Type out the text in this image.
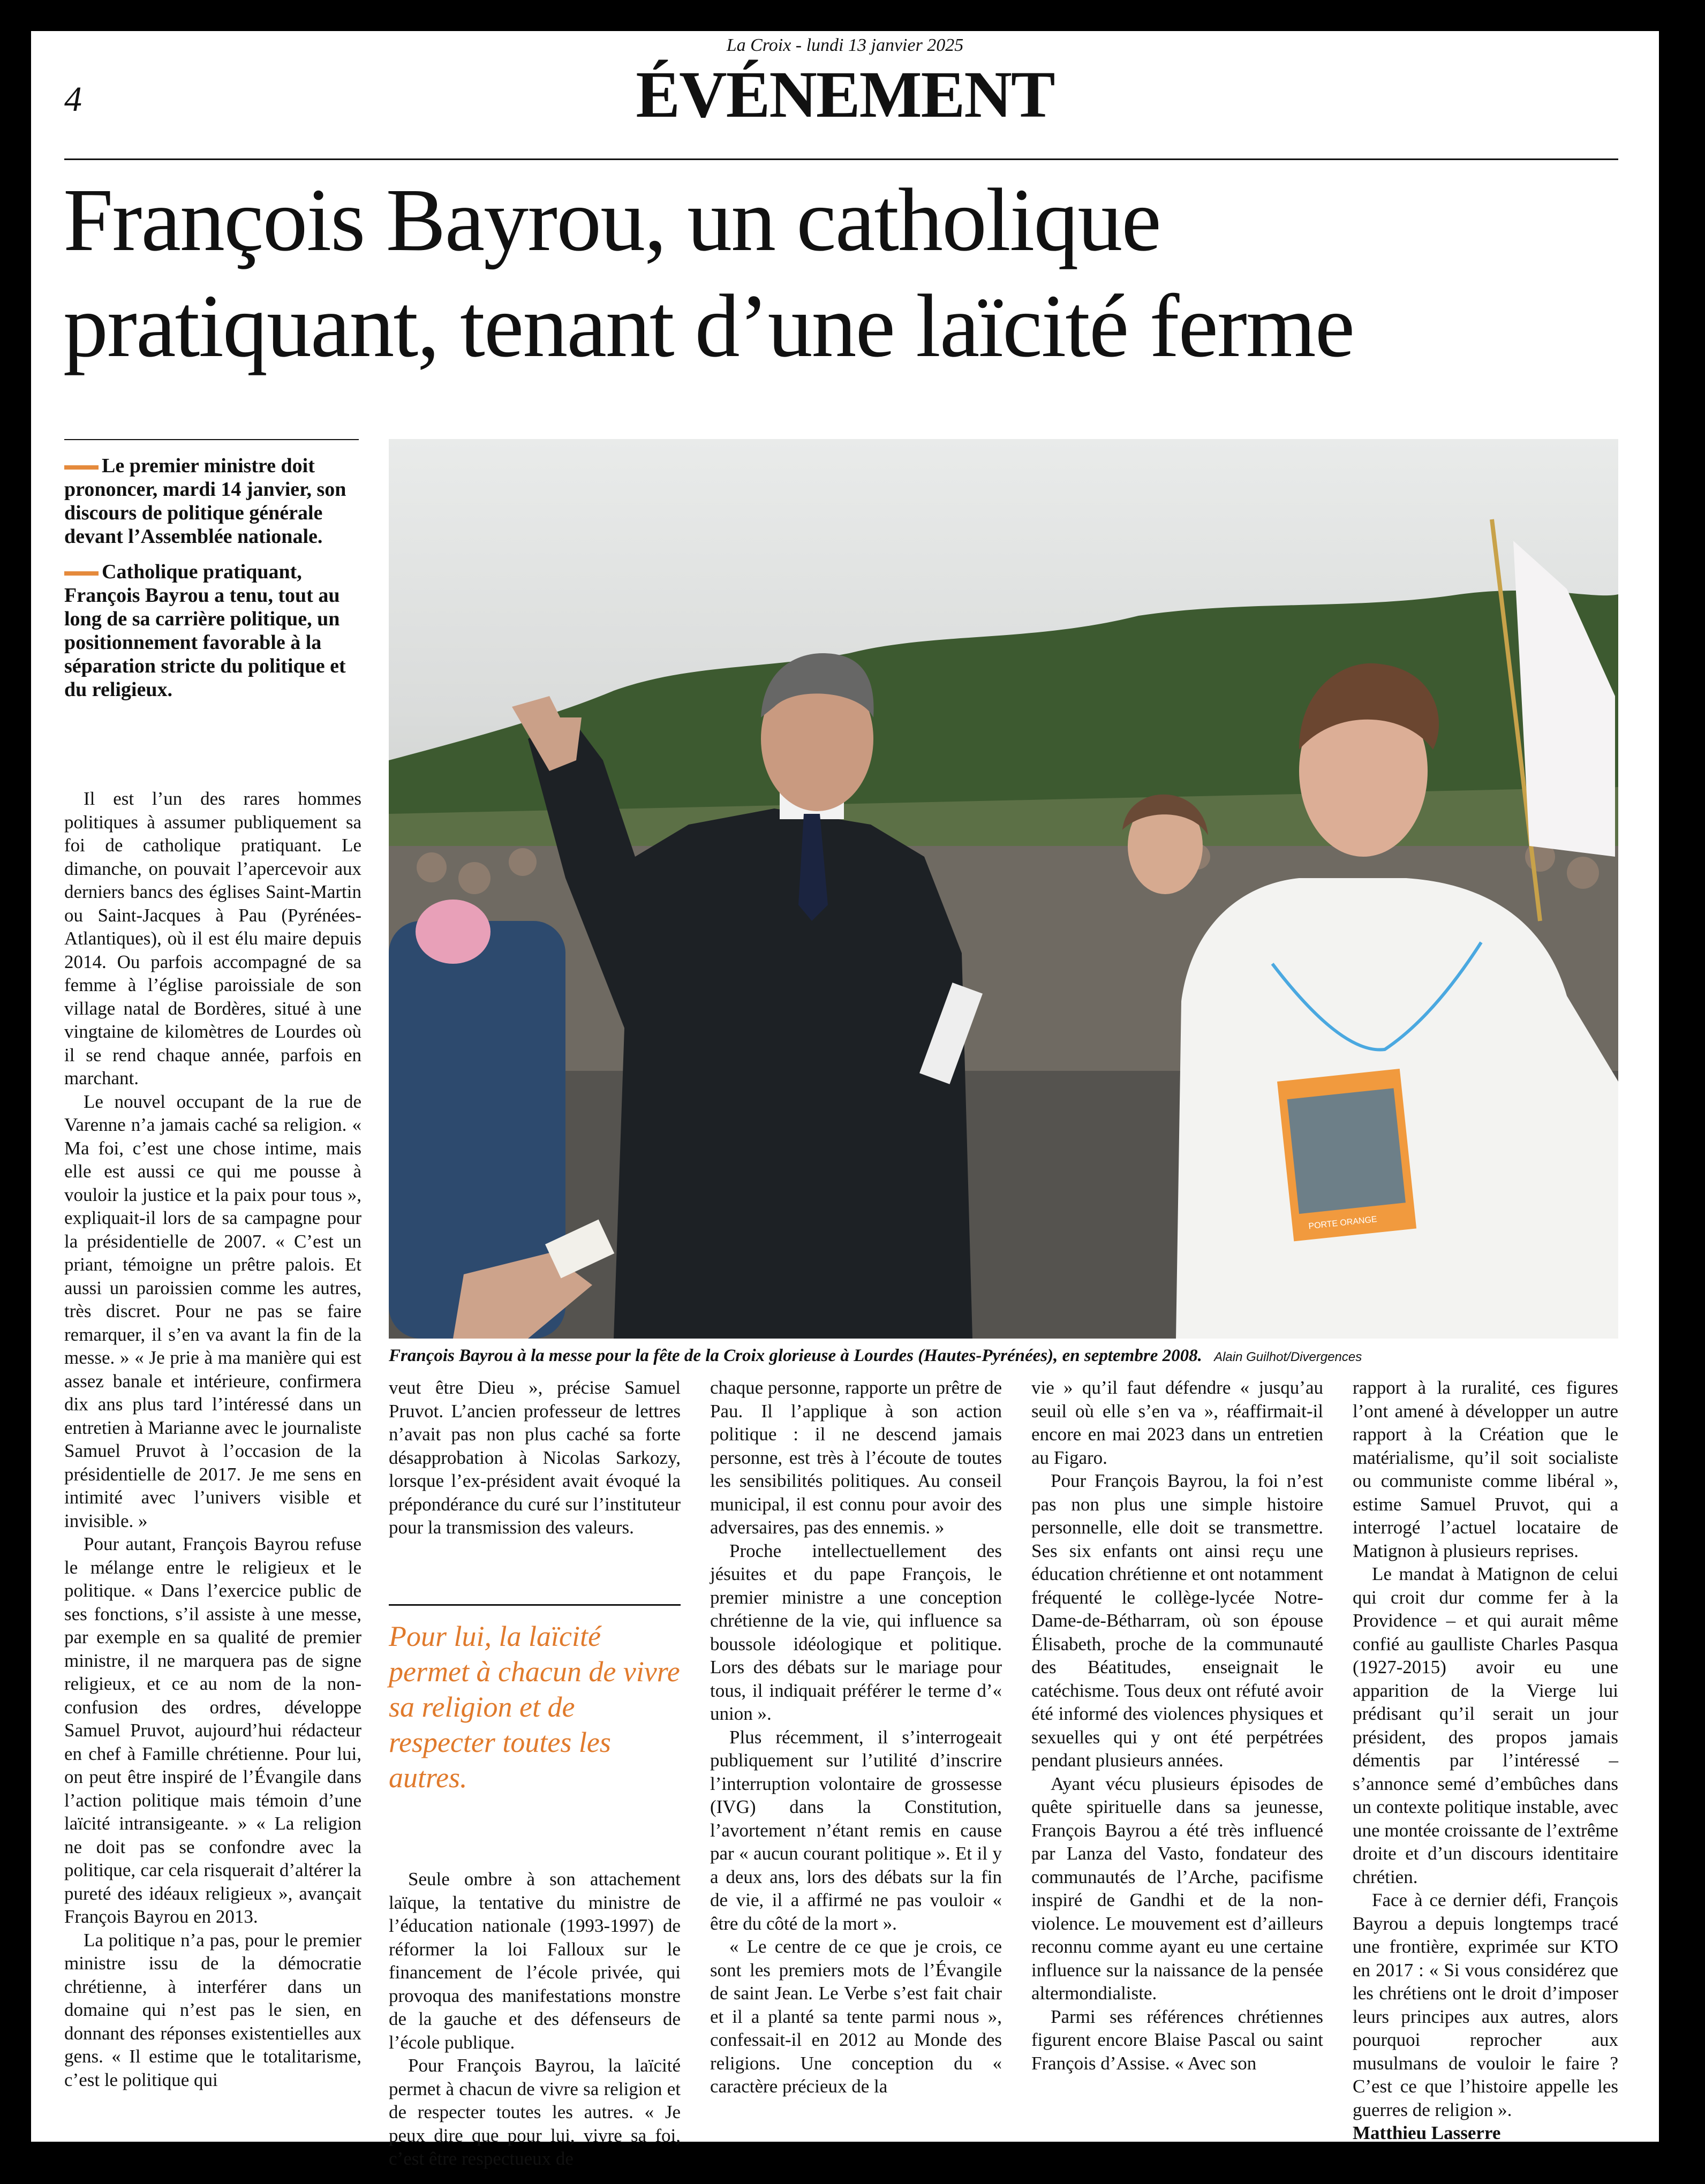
La Croix - lundi 13 janvier 2025
4	ÉVÉNEMENT
François Bayrou, un catholique
pratiquant, tenant d’une laïcité ferme

Le premier ministre doit prononcer, mardi 14 janvier, son discours de politique générale devant l’Assemblée nationale.

Catholique pratiquant, François Bayrou a tenu, tout au long de sa carrière politique, un positionnement favorable à la séparation stricte du politique et du religieux.

Il est l’un des rares hommes politiques à assumer publiquement sa foi de catholique pratiquant. Le dimanche, on pouvait l’apercevoir aux derniers bancs des églises Saint-Martin ou Saint-Jacques à Pau (Pyrénées-Atlantiques), où il est élu maire depuis 2014. Ou parfois accompagné de sa femme à l’église paroissiale de son village natal de Bordères, situé à une vingtaine de kilomètres de Lourdes où il se rend chaque année, parfois en marchant.

Le nouvel occupant de la rue de Varenne n’a jamais caché sa religion. « Ma foi, c’est une chose intime, mais elle est aussi ce qui me pousse à vouloir la justice et la paix pour tous », expliquait-il lors de sa campagne pour la présidentielle de 2007. « C’est un priant, témoigne un prêtre palois. Et aussi un paroissien comme les autres, très discret. Pour ne pas se faire remarquer, il s’en va avant la fin de la messe. » « Je prie à ma manière qui est assez banale et intérieure, confirmera dix ans plus tard l’intéressé dans un entretien à Marianne avec le journaliste Samuel Pruvot à l’occasion de la présidentielle de 2017. Je me sens en intimité avec l’univers visible et invisible. »

Pour autant, François Bayrou refuse le mélange entre le religieux et le politique. « Dans l’exercice public de ses fonctions, s’il assiste à une messe, par exemple en sa qualité de premier ministre, il ne marquera pas de signe religieux, et ce au nom de la non-confusion des ordres, développe Samuel Pruvot, aujourd’hui rédacteur en chef à Famille chrétienne. Pour lui, on peut être inspiré de l’Évangile dans l’action politique mais témoin d’une laïcité intransigeante. » « La religion ne doit pas se confondre avec la politique, car cela risquerait d’altérer la pureté des idéaux religieux », avançait François Bayrou en 2013.

La politique n’a pas, pour le premier ministre issu de la démocratie chrétienne, à interférer dans un domaine qui n’est pas le sien, en donnant des réponses existentielles aux gens. « Il estime que le totalitarisme, c’est le politique qui

PORTE ORANGE
François Bayrou à la messe pour la fête de la Croix glorieuse à Lourdes (Hautes-Pyrénées), en septembre 2008. Alain Guilhot/Divergences

veut être Dieu », précise Samuel Pruvot. L’ancien professeur de lettres n’avait pas non plus caché sa forte désapprobation à Nicolas Sarkozy, lorsque l’ex-président avait évoqué la prépondérance du curé sur l’instituteur pour la transmission des valeurs.

Pour lui, la laïcité permet à chacun de vivre sa religion et de respecter toutes les autres.

Seule ombre à son attachement laïque, la tentative du ministre de l’éducation nationale (1993-1997) de réformer la loi Falloux sur le financement de l’école privée, qui provoqua des manifestations monstre de la gauche et des défenseurs de l’école publique.

Pour François Bayrou, la laïcité permet à chacun de vivre sa religion et de respecter toutes les autres. « Je peux dire que pour lui, vivre sa foi, c’est être respectueux de

chaque personne, rapporte un prêtre de Pau. Il l’applique à son action politique : il ne descend jamais personne, est très à l’écoute de toutes les sensibilités politiques. Au conseil municipal, il est connu pour avoir des adversaires, pas des ennemis. »

Proche intellectuellement des jésuites et du pape François, le premier ministre a une conception chrétienne de la vie, qui influence sa boussole idéologique et politique. Lors des débats sur le mariage pour tous, il indiquait préférer le terme d’« union ».

Plus récemment, il s’interrogeait publiquement sur l’utilité d’inscrire l’interruption volontaire de grossesse (IVG) dans la Constitution, l’avortement n’étant remis en cause par « aucun courant politique ». Et il y a deux ans, lors des débats sur la fin de vie, il a affirmé ne pas vouloir « être du côté de la mort ».

« Le centre de ce que je crois, ce sont les premiers mots de l’Évangile de saint Jean. Le Verbe s’est fait chair et il a planté sa tente parmi nous », confessait-il en 2012 au Monde des religions. Une conception du « caractère précieux de la

vie » qu’il faut défendre « jusqu’au seuil où elle s’en va », réaffirmait-il encore en mai 2023 dans un entretien au Figaro.

Pour François Bayrou, la foi n’est pas non plus une simple histoire personnelle, elle doit se transmettre. Ses six enfants ont ainsi reçu une éducation chrétienne et ont notamment fréquenté le collège-lycée Notre-Dame-de-Bétharram, où son épouse Élisabeth, proche de la communauté des Béatitudes, enseignait le catéchisme. Tous deux ont réfuté avoir été informé des violences physiques et sexuelles qui y ont été perpétrées pendant plusieurs années.

Ayant vécu plusieurs épisodes de quête spirituelle dans sa jeunesse, François Bayrou a été très influencé par Lanza del Vasto, fondateur des communautés de l’Arche, pacifisme inspiré de Gandhi et de la non-violence. Le mouvement est d’ailleurs reconnu comme ayant eu une certaine influence sur la naissance de la pensée altermondialiste.

Parmi ses références chrétiennes figurent encore Blaise Pascal ou saint François d’Assise. « Avec son

rapport à la ruralité, ces figures l’ont amené à développer un autre rapport à la Création que le matérialisme, qu’il soit socialiste ou communiste comme libéral », estime Samuel Pruvot, qui a interrogé l’actuel locataire de Matignon à plusieurs reprises.

Le mandat à Matignon de celui qui croit dur comme fer à la Providence – et qui aurait même confié au gaulliste Charles Pasqua (1927-2015) avoir eu une apparition de la Vierge lui prédisant qu’il serait un jour président, des propos jamais démentis par l’intéressé – s’annonce semé d’embûches dans un contexte politique instable, avec une montée croissante de l’extrême droite et d’un discours identitaire chrétien.

Face à ce dernier défi, François Bayrou a depuis longtemps tracé une frontière, exprimée sur KTO en 2017 : « Si vous considérez que les chrétiens ont le droit d’imposer leurs principes aux autres, alors pourquoi reprocher aux musulmans de vouloir le faire ? C’est ce que l’histoire appelle les guerres de religion ».

Matthieu Lasserre
